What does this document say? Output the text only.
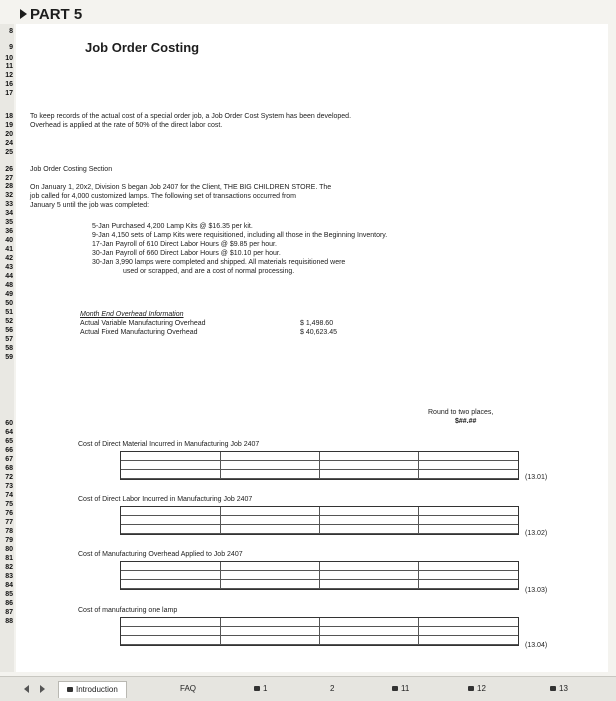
PART 5
8
9
10
11
12
16
17
18
19
20
24
25
26
27
28
32
33
34
35
36
40
41
42
43
44
48
49
50
51
52
56
57
58
59
60
64
65
66
67
68
72
73
74
75
76
77
78
79
80
81
82
83
84
85
86
87
88
Job Order Costing
To keep records of the actual cost of a special order job, a Job Order Cost System has been developed.
Overhead is applied at the rate of 50% of the direct labor cost.
Job Order Costing Section
On January 1, 20x2, Division S began Job 2407 for the Client, THE BIG CHILDREN STORE. The
job called for 4,000 customized lamps. The following set of transactions occurred from
January 5 until the job was completed:
5-Jan Purchased 4,200 Lamp Kits @ $16.35 per kit.
9-Jan 4,150 sets of Lamp Kits were requisitioned, including all those in the Beginning Inventory.
17-Jan Payroll of 610 Direct Labor Hours @ $9.85 per hour.
30-Jan Payroll of 660 Direct Labor Hours @ $10.10 per hour.
30-Jan 3,990 lamps were completed and shipped. All materials requisitioned were
used or scrapped, and are a cost of normal processing.
Month End Overhead Information
Actual Variable Manufacturing Overhead	$ 1,498.60
Actual Fixed Manufacturing Overhead	$ 40,623.45
Round to two places,
$##.##
Cost of Direct Material Incurred in Manufacturing Job 2407
(13.01)
Cost of Direct Labor Incurred in Manufacturing Job 2407
(13.02)
Cost of Manufacturing Overhead Applied to Job 2407
(13.03)
Cost of manufacturing one lamp
(13.04)
Introduction	FAQ	1	2	11	12	13
